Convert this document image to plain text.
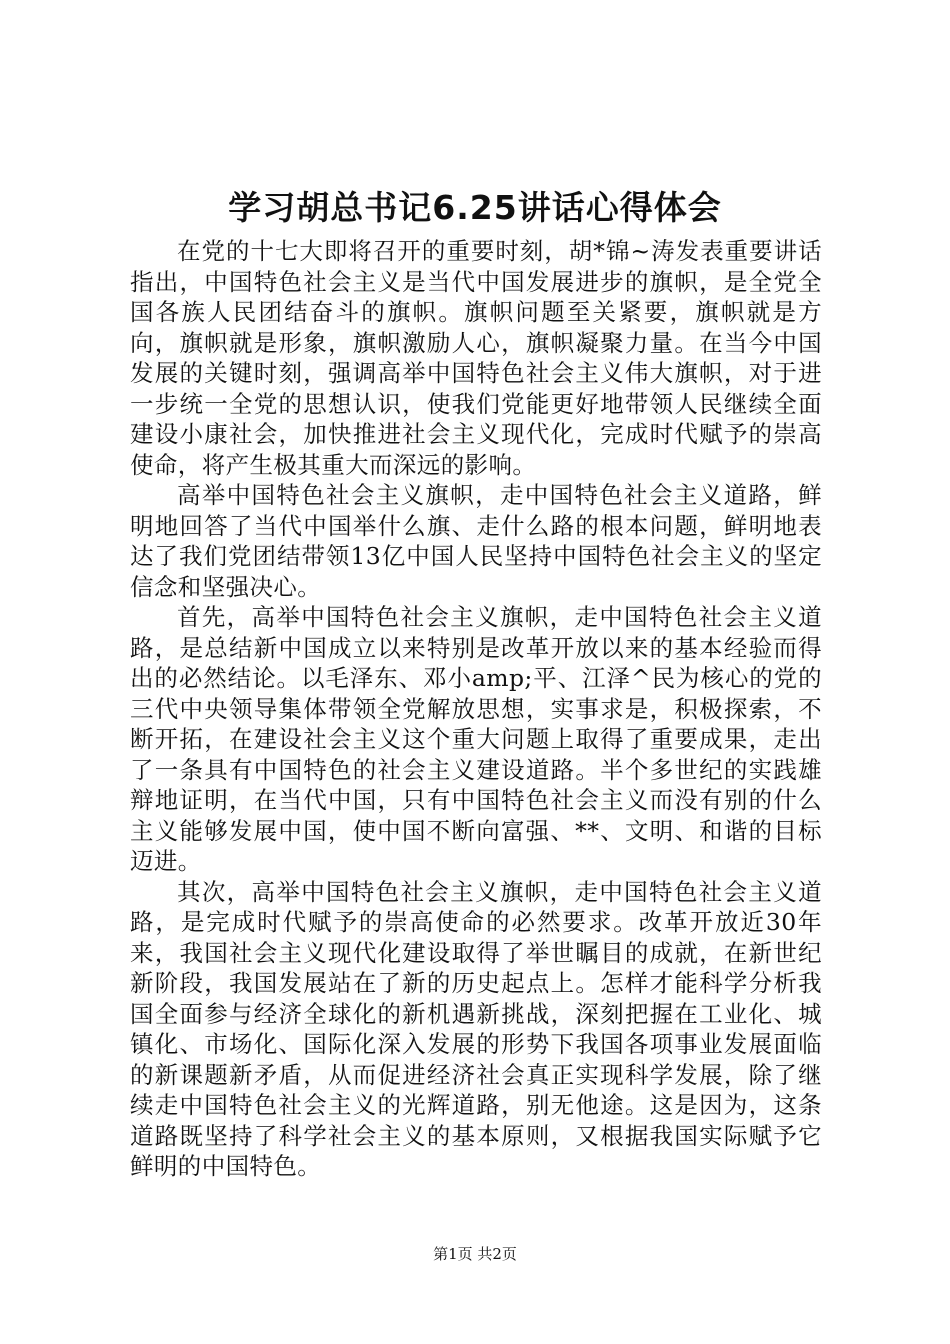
学习胡总书记6.25讲话心得体会

在党的十七大即将召开的重要时刻，胡*锦~涛发表重要讲话指出，中国特色社会主义是当代中国发展进步的旗帜，是全党全国各族人民团结奋斗的旗帜。旗帜问题至关紧要，旗帜就是方向，旗帜就是形象，旗帜激励人心，旗帜凝聚力量。在当今中国发展的关键时刻，强调高举中国特色社会主义伟大旗帜，对于进一步统一全党的思想认识，使我们党能更好地带领人民继续全面建设小康社会，加快推进社会主义现代化，完成时代赋予的崇高使命，将产生极其重大而深远的影响。

高举中国特色社会主义旗帜，走中国特色社会主义道路，鲜明地回答了当代中国举什么旗、走什么路的根本问题，鲜明地表达了我们党团结带领13亿中国人民坚持中国特色社会主义的坚定信念和坚强决心。

首先，高举中国特色社会主义旗帜，走中国特色社会主义道路，是总结新中国成立以来特别是改革开放以来的基本经验而得出的必然结论。以毛泽东、邓小amp;平、江泽^民为核心的党的三代中央领导集体带领全党解放思想，实事求是，积极探索，不断开拓，在建设社会主义这个重大问题上取得了重要成果，走出了一条具有中国特色的社会主义建设道路。半个多世纪的实践雄辩地证明，在当代中国，只有中国特色社会主义而没有别的什么主义能够发展中国，使中国不断向富强、**、文明、和谐的目标迈进。

其次，高举中国特色社会主义旗帜，走中国特色社会主义道路，是完成时代赋予的崇高使命的必然要求。改革开放近30年来，我国社会主义现代化建设取得了举世瞩目的成就，在新世纪新阶段，我国发展站在了新的历史起点上。怎样才能科学分析我国全面参与经济全球化的新机遇新挑战，深刻把握在工业化、城镇化、市场化、国际化深入发展的形势下我国各项事业发展面临的新课题新矛盾，从而促进经济社会真正实现科学发展，除了继续走中国特色社会主义的光辉道路，别无他途。这是因为，这条道路既坚持了科学社会主义的基本原则，又根据我国实际赋予它鲜明的中国特色。

第1页 共2页
